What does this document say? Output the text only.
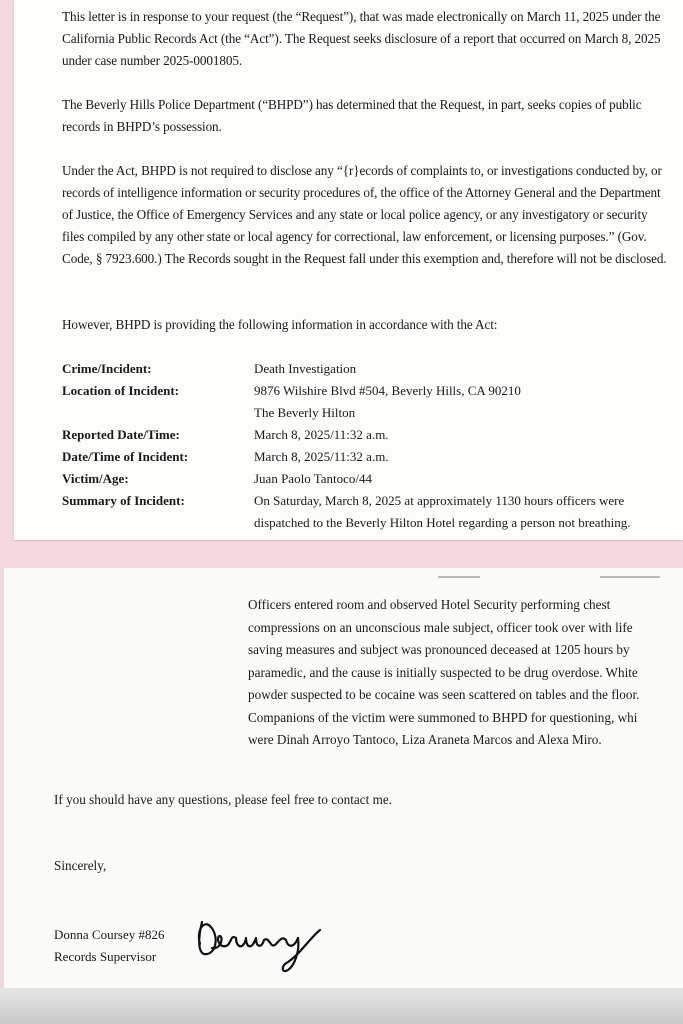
This letter is in response to your request (the “Request”), that was made electronically on March 11, 2025 under the California Public Records Act (the “Act”). The Request seeks disclosure of a report that occurred on March 8, 2025 under case number 2025-0001805.

The Beverly Hills Police Department (“BHPD”) has determined that the Request, in part, seeks copies of public records in BHPD’s possession.

Under the Act, BHPD is not required to disclose any “{r}ecords of complaints to, or investigations conducted by, or records of intelligence information or security procedures of, the office of the Attorney General and the Department of Justice, the Office of Emergency Services and any state or local police agency, or any investigatory or security files compiled by any other state or local agency for correctional, law enforcement, or licensing purposes.” (Gov. Code, § 7923.600.) The Records sought in the Request fall under this exemption and, therefore will not be disclosed.

However, BHPD is providing the following information in accordance with the Act:

Crime/Incident:	Death Investigation
Location of Incident:	9876 Wilshire Blvd #504, Beverly Hills, CA 90210
The Beverly Hilton
Reported Date/Time:	March 8, 2025/11:32 a.m.
Date/Time of Incident:	March 8, 2025/11:32 a.m.
Victim/Age:	Juan Paolo Tantoco/44
Summary of Incident:	On Saturday, March 8, 2025 at approximately 1130 hours officers were dispatched to the Beverly Hilton Hotel regarding a person not breathing.
Officers entered room and observed Hotel Security performing chest
compressions on an unconscious male subject, officer took over with life
saving measures and subject was pronounced deceased at 1205 hours by
paramedic, and the cause is initially suspected to be drug overdose. White
powder suspected to be cocaine was seen scattered on tables and the floor.
Companions of the victim were summoned to BHPD for questioning, whi
were Dinah Arroyo Tantoco, Liza Araneta Marcos and Alexa Miro.
If you should have any questions, please feel free to contact me.
Sincerely,
Donna Coursey #826
Records Supervisor
